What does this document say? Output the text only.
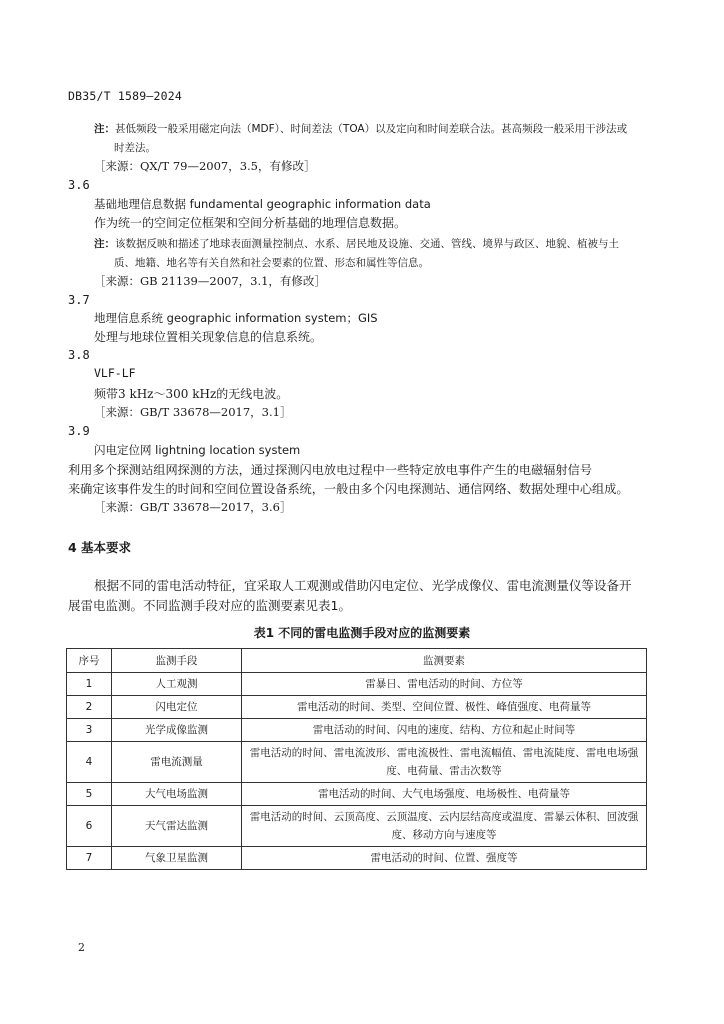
DB35/T 1589—2024
注：甚低频段一般采用磁定向法（MDF）、时间差法（TOA）以及定向和时间差联合法。甚高频段一般采用干涉法或
时差法。
［来源：QX/T 79—2007，3.5，有修改］
3.6
基础地理信息数据 fundamental geographic information data
作为统一的空间定位框架和空间分析基础的地理信息数据。
注：该数据反映和描述了地球表面测量控制点、水系、居民地及设施、交通、管线、境界与政区、地貌、植被与土
质、地籍、地名等有关自然和社会要素的位置、形态和属性等信息。
［来源：GB 21139—2007，3.1，有修改］
3.7
地理信息系统 geographic information system；GIS
处理与地球位置相关现象信息的信息系统。
3.8
VLF-LF
频带3 kHz～300 kHz的无线电波。
［来源：GB/T 33678—2017，3.1］
3.9
闪电定位网 lightning location system
利用多个探测站组网探测的方法，通过探测闪电放电过程中一些特定放电事件产生的电磁辐射信号
来确定该事件发生的时间和空间位置设备系统，一般由多个闪电探测站、通信网络、数据处理中心组成。
［来源：GB/T 33678—2017，3.6］
4 基本要求
根据不同的雷电活动特征，宜采取人工观测或借助闪电定位、光学成像仪、雷电流测量仪等设备开
展雷电监测。不同监测手段对应的监测要素见表1。
表1 不同的雷电监测手段对应的监测要素
序号	监测手段	监测要素
1	人工观测	雷暴日、雷电活动的时间、方位等
2	闪电定位	雷电活动的时间、类型、空间位置、极性、峰值强度、电荷量等
3	光学成像监测	雷电活动的时间、闪电的速度、结构、方位和起止时间等
4	雷电流测量	雷电活动的时间、雷电流波形、雷电流极性、雷电流幅值、雷电流陡度、雷电电场强度、电荷量、雷击次数等
5	大气电场监测	雷电活动的时间、大气电场强度、电场极性、电荷量等
6	天气雷达监测	雷电活动的时间、云顶高度、云顶温度、云内层结高度或温度、雷暴云体积、回波强度、移动方向与速度等
7	气象卫星监测	雷电活动的时间、位置、强度等
2
